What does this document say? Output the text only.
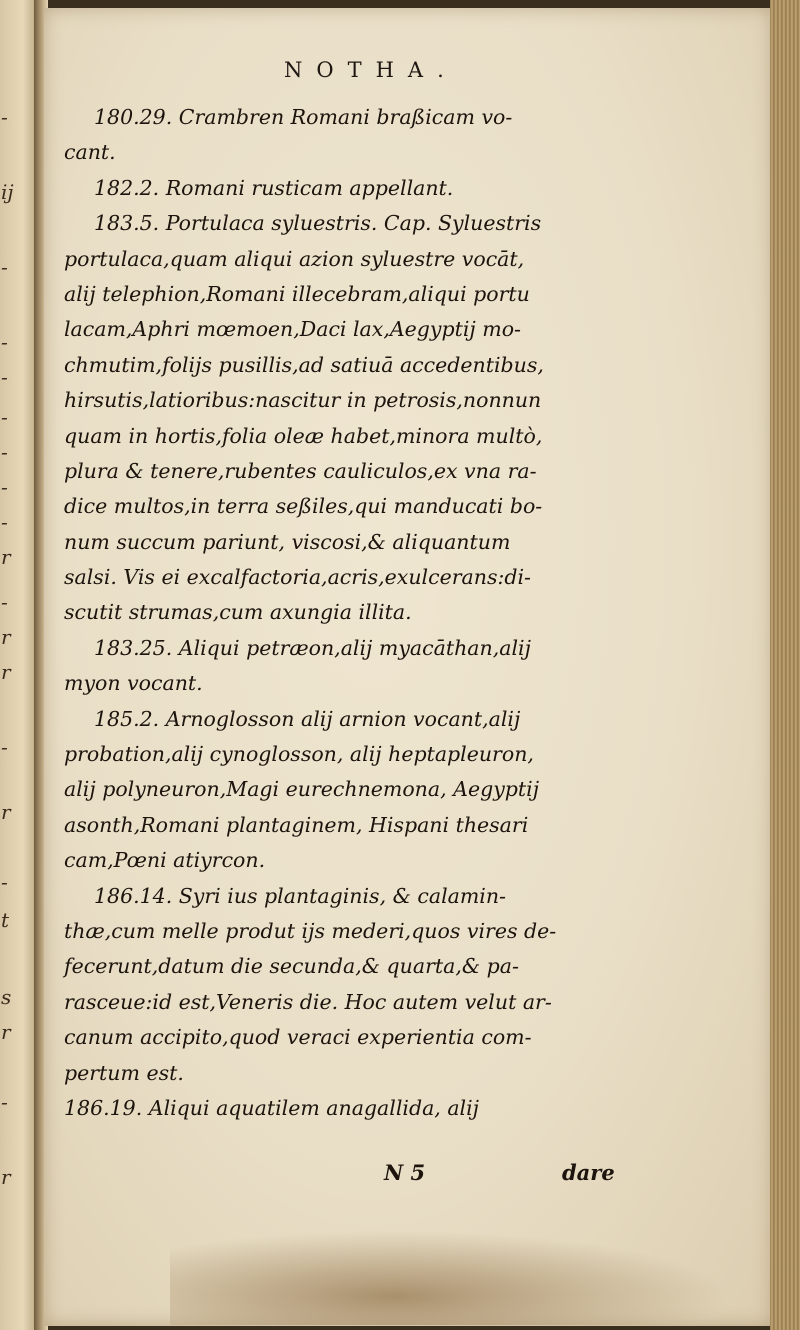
-
ij
-
-
-
-
-
-
-
r
-
r
r
-
r
-
t
s
r
-
r
NOTHA.
180.29. Crambren Romani braßicam vo-
cant.
182.2. Romani rusticam appellant.
183.5. Portulaca syluestris. Cap. Syluestris
portulaca,quam aliqui azion syluestre vocāt,
alij telephion,Romani illecebram,aliqui portu
lacam,Aphri mœmoen,Daci lax,Aegyptij mo-
chmutim,folijs pusillis,ad satiuā accedentibus,
hirsutis,latioribus:nascitur in petrosis,nonnun
quam in hortis,folia oleæ habet,minora multò,
plura & tenere,rubentes cauliculos,ex vna ra-
dice multos,in terra seßiles,qui manducati bo-
num succum pariunt, viscosi,& aliquantum
salsi. Vis ei excalfactoria,acris,exulcerans:di-
scutit strumas,cum axungia illita.
183.25. Aliqui petræon,alij myacāthan,alij
myon vocant.
185.2. Arnoglosson alij arnion vocant,alij
probation,alij cynoglosson, alij heptapleuron,
alij polyneuron,Magi eurechnemona, Aegyptij
asonth,Romani plantaginem, Hispani thesari
cam,Pœni atiyrcon.
186.14. Syri ius plantaginis, & calamin-
thæ,cum melle produt ijs mederi,quos vires de-
fecerunt,datum die secunda,& quarta,& pa-
rasceue:id est,Veneris die. Hoc autem velut ar-
canum accipito,quod veraci experientia com-
pertum est.
186.19. Aliqui aquatilem anagallida, alij
N 5	dare
